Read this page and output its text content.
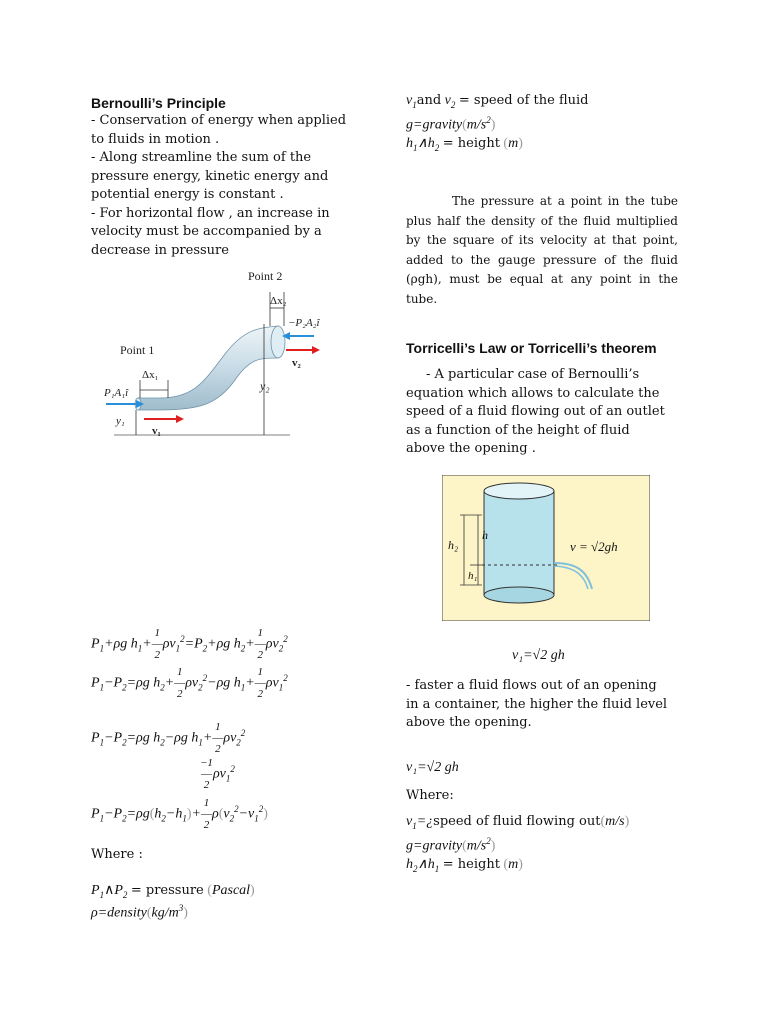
Bernoulli’s Principle
- Conservation of energy when applied to fluids in motion .
- Along streamline the sum of the pressure energy, kinetic energy and potential energy is constant .
- For horizontal flow , an increase in velocity must be accompanied by a decrease in pressure
Point 2
Δx₂
−P₂A₂î
v₂
y₂
Point 1
Δx₁
P₁A₁î
y₁
v₁
$P_1+\rho g$ $h_1+1$
―
$2\rho v_1^2=P_2+\rho g$ $h_2+1$
―
$2\rho v_2^2$
$P_1-P_2=\rho g$ $h_2+1$
―
$2\rho v_2^2-\rho g$ $h_1+1$
―
$2\rho v_1^2$
$P_1-P_2=\rho g$ $h_2-\rho g$ $h_1+1$
―
$2\rho v_2^2$
−1
―
$2\rho v_1^2$
$P_1-P_2=\rho g(h_2-h_1)+1$
―
$2\rho(v_2^2-v_1^2)$
Where :
$P_1\wedge P_2$ = pressure (Pascal)
$\rho=density(kg/m^3)$
$v_1and$ $v_2$ = speed of the fluid
$g=gravity(m/s^2)$
$h_1\wedge h_2$ = height (m)
The pressure at a point in the tube plus half the density of the fluid multiplied by the square of its velocity at that point, added to the gauge pressure of the fluid (ρgh), must be equal at any point in the tube.
Torricelli’s Law or Torricelli’s theorem
- A particular case of Bernoulli’s equation which allows to calculate the speed of a fluid flowing out of an outlet as a function of the height of fluid above the opening .
h₂
h
h₁
v = √2gh
v₁=√2 gh
- faster a fluid flows out of an opening in a container, the higher the fluid level above the opening.
v₁=√2 gh
Where:
$v_1=¿speed$ of fluid flowing out(m/s)
$g=gravity(m/s^2)$
$h_2\wedge h_1$ = height (m)
